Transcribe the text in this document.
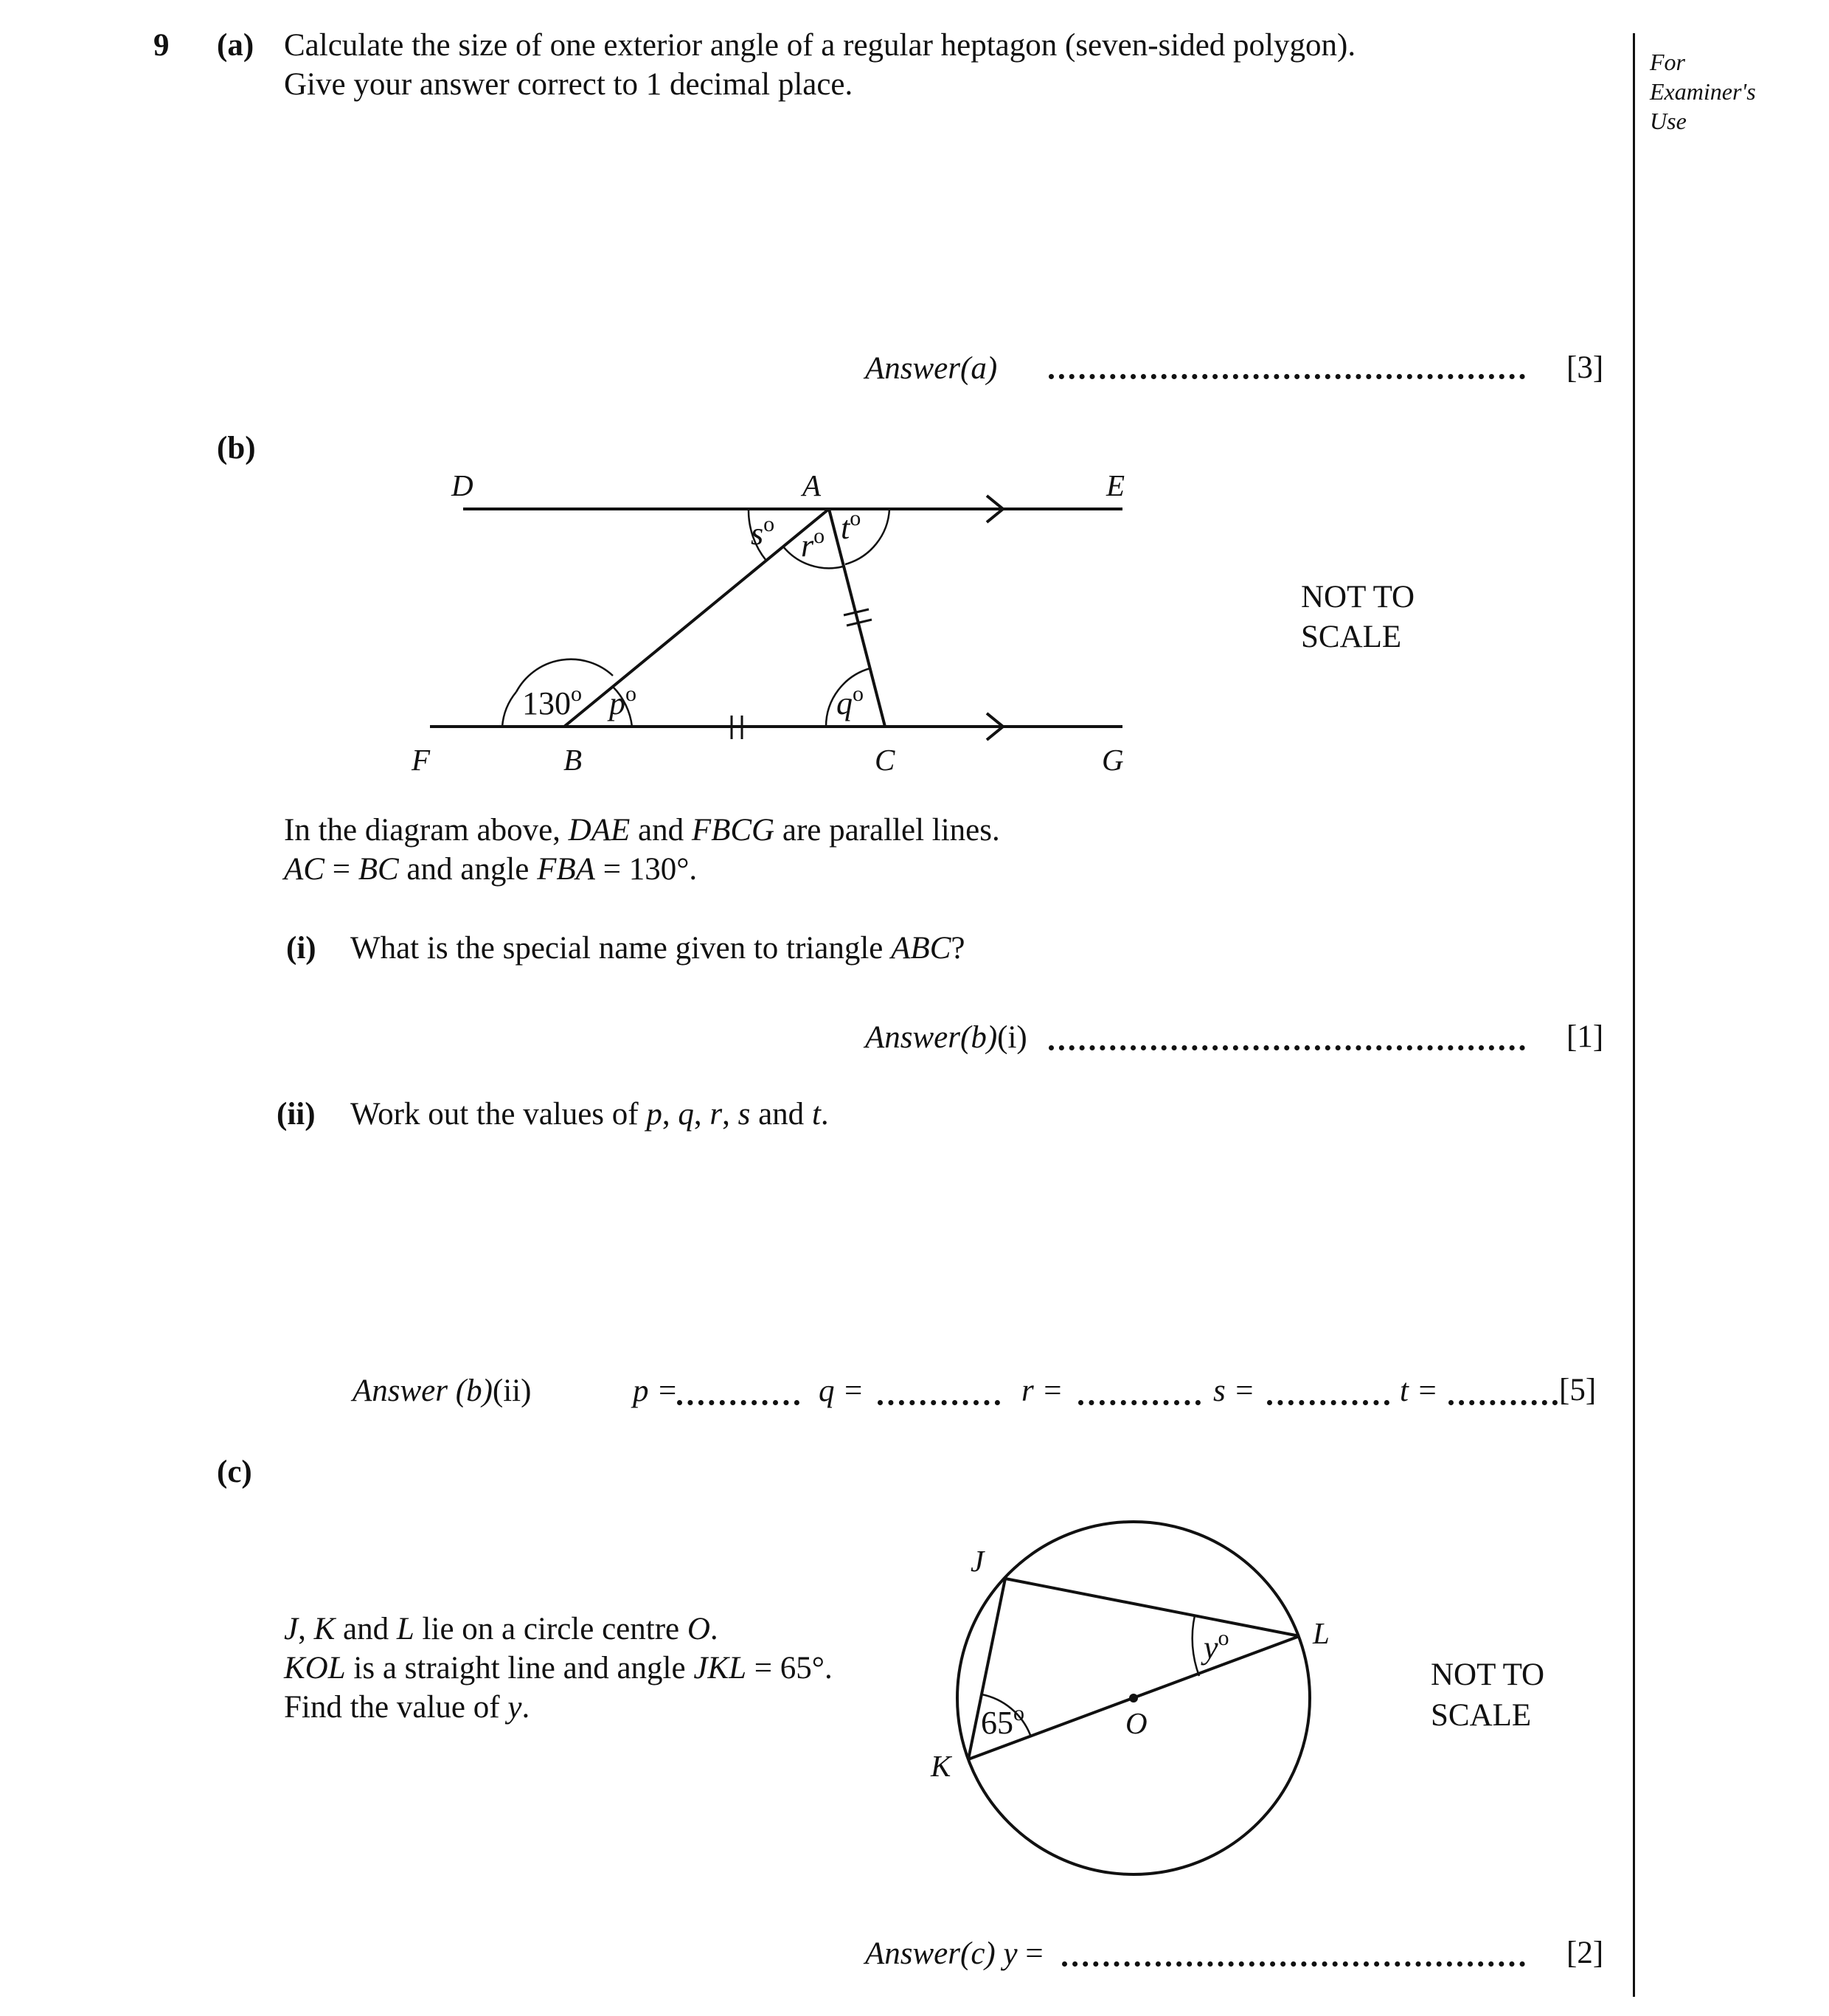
For
Examiner's
Use
9 (a) Calculate the size of one exterior angle of a regular heptagon (seven-sided polygon).
Give your answer correct to 1 decimal place.
Answer(a)	[3]
(b)
D	A	E
F	B	C	G
130$^o$ $p^o$	$q^o$
$s^o$
$r^o$ $t^o$
NOT TO
SCALE
In the diagram above, DAE and FBCG are parallel lines.
AC = BC and angle FBA = 130°.
(i) What is the special name given to triangle ABC?
Answer(b)(i)	[1]
(ii) Work out the values of p, q, r, s and t.
Answer (b)(ii)	p =	q =	r =	s =	t =	[5]
(c)
J, K and L lie on a circle centre O.
KOL is a straight line and angle JKL = 65°.
Find the value of y.
J
K
L
O
65$^o$
$y^o$
NOT TO
SCALE
Answer(c) y =	[2]
